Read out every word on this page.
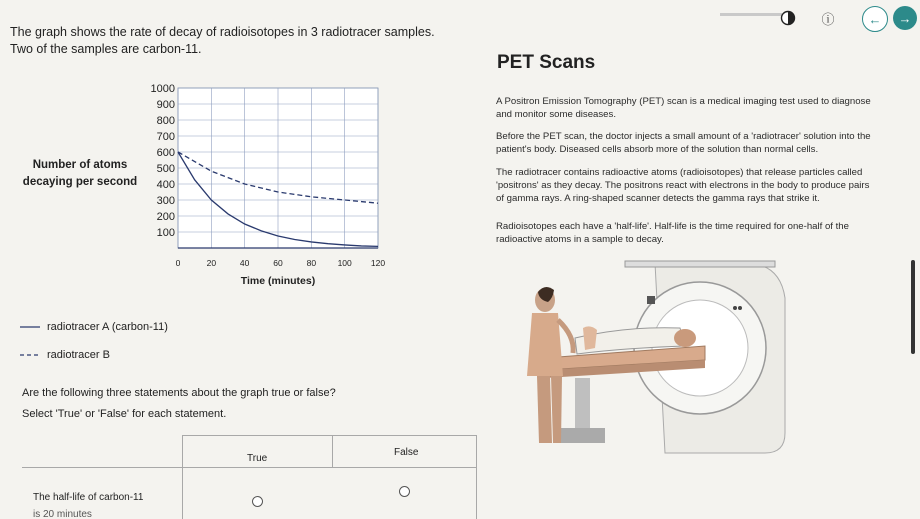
ⓘ	← →
The graph shows the rate of decay of radioisotopes in 3 radiotracer samples.
Two of the samples are carbon-11.
Number of atoms decaying per second
0	20	40	60	80	100 120
100
200
300
400
500
600
700
800
900
1000
Time (minutes)
radiotracer A (carbon-11)
radiotracer B
Are the following three statements about the graph true or false?
Select 'True' or 'False' for each statement.
True
False
The half-life of carbon-11
is 20 minutes
PET Scans
A Positron Emission Tomography (PET) scan is a medical imaging test used to diagnose
and monitor some diseases.
Before the PET scan, the doctor injects a small amount of a 'radiotracer' solution into the
patient's body. Diseased cells absorb more of the solution than normal cells.
The radiotracer contains radioactive atoms (radioisotopes) that release particles called
'positrons' as they decay. The positrons react with electrons in the body to produce pairs
of gamma rays. A ring-shaped scanner detects the gamma rays that strike it.
Radioisotopes each have a 'half-life'. Half-life is the time required for one-half of the
radioactive atoms in a sample to decay.
